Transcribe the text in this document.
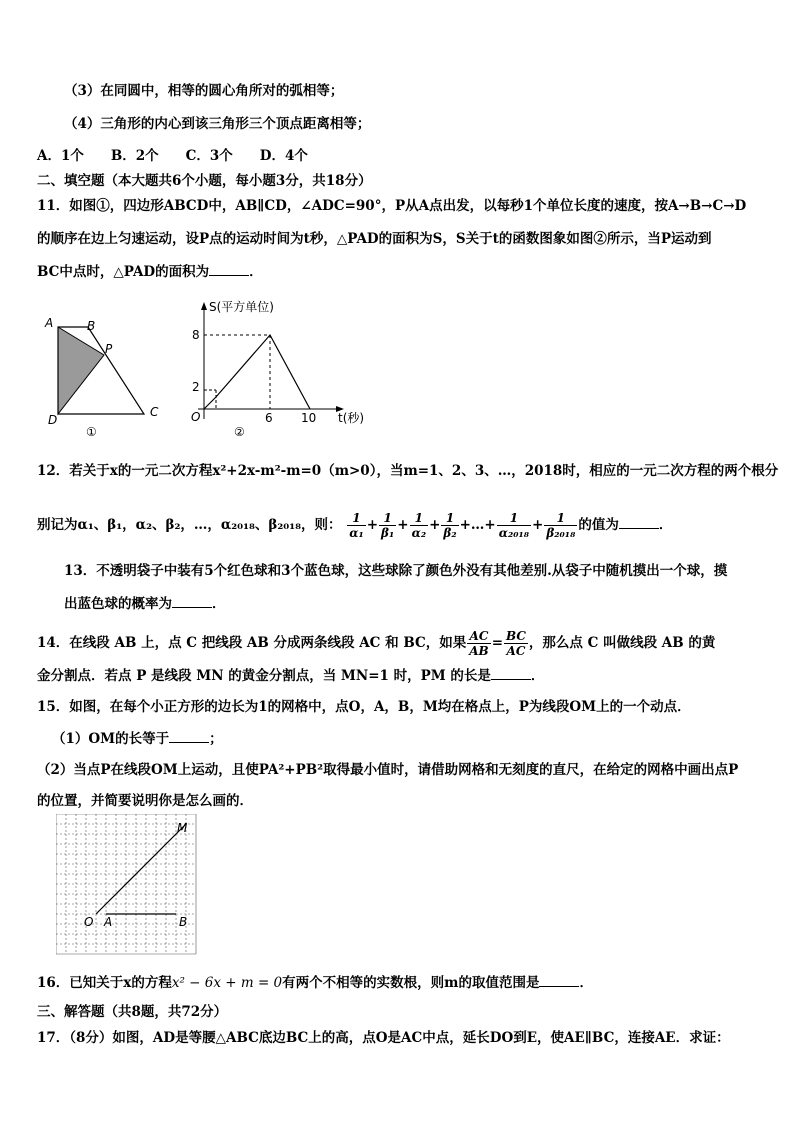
（3）在同圆中，相等的圆心角所对的弧相等；
（4）三角形的内心到该三角形三个顶点距离相等；
A．1个　　B．2个　　C．3个　　D．4个
二、填空题（本大题共6个小题，每小题3分，共18分）
11．如图①，四边形ABCD中，AB∥CD，∠ADC=90°，P从A点出发，以每秒1个单位长度的速度，按A→B→C→D
的顺序在边上匀速运动，设P点的运动时间为t秒，△PAD的面积为S，S关于t的函数图象如图②所示，当P运动到
BC中点时，△PAD的面积为	．
A	B
P
C
D
①
S(平方单位)
8
2
O	6 10 t(秒)
②
12．若关于x的一元二次方程x²+2x-m²-m=0（m>0），当m=1、2、3、…，2018时，相应的一元二次方程的两个根分
别记为α₁、β₁，α₂、β₂，…，α₂₀₁₈、β₂₀₁₈，则： $\frac{1}{\text{α₁}} + \frac{1}{\text{β₁}} + \frac{1}{\text{α₂}} + \frac{1}{\text{β₂}}$ +…+ $\frac{1}{\text{α₂₀₁₈}} + \frac{1}{\text{β₂₀₁₈}}$ 的值为	．
13．不透明袋子中装有5个红色球和3个蓝色球，这些球除了颜色外没有其他差别.从袋子中随机摸出一个球，摸
出蓝色球的概率为	．
14．在线段 AB 上，点 C 把线段 AB 分成两条线段 AC 和 BC，如果 $\frac{AC}{AB} = \frac{BC}{AC}$ ，那么点 C 叫做线段 AB 的黄
金分割点．若点 P 是线段 MN 的黄金分割点，当 MN=1 时，PM 的长是	．
15．如图，在每个小正方形的边长为1的网格中，点O，A，B，M均在格点上，P为线段OM上的一个动点．
（1）OM的长等于	；
（2）当点P在线段OM上运动，且使PA²+PB²取得最小值时，请借助网格和无刻度的直尺，在给定的网格中画出点P
的位置，并简要说明你是怎么画的．
O A	B
M
16．已知关于x的方程x² − 6x + m = 0有两个不相等的实数根，则m的取值范围是	．
三、解答题（共8题，共72分）
17．（8分）如图，AD是等腰△ABC底边BC上的高，点O是AC中点，延长DO到E，使AE∥BC，连接AE．求证：
